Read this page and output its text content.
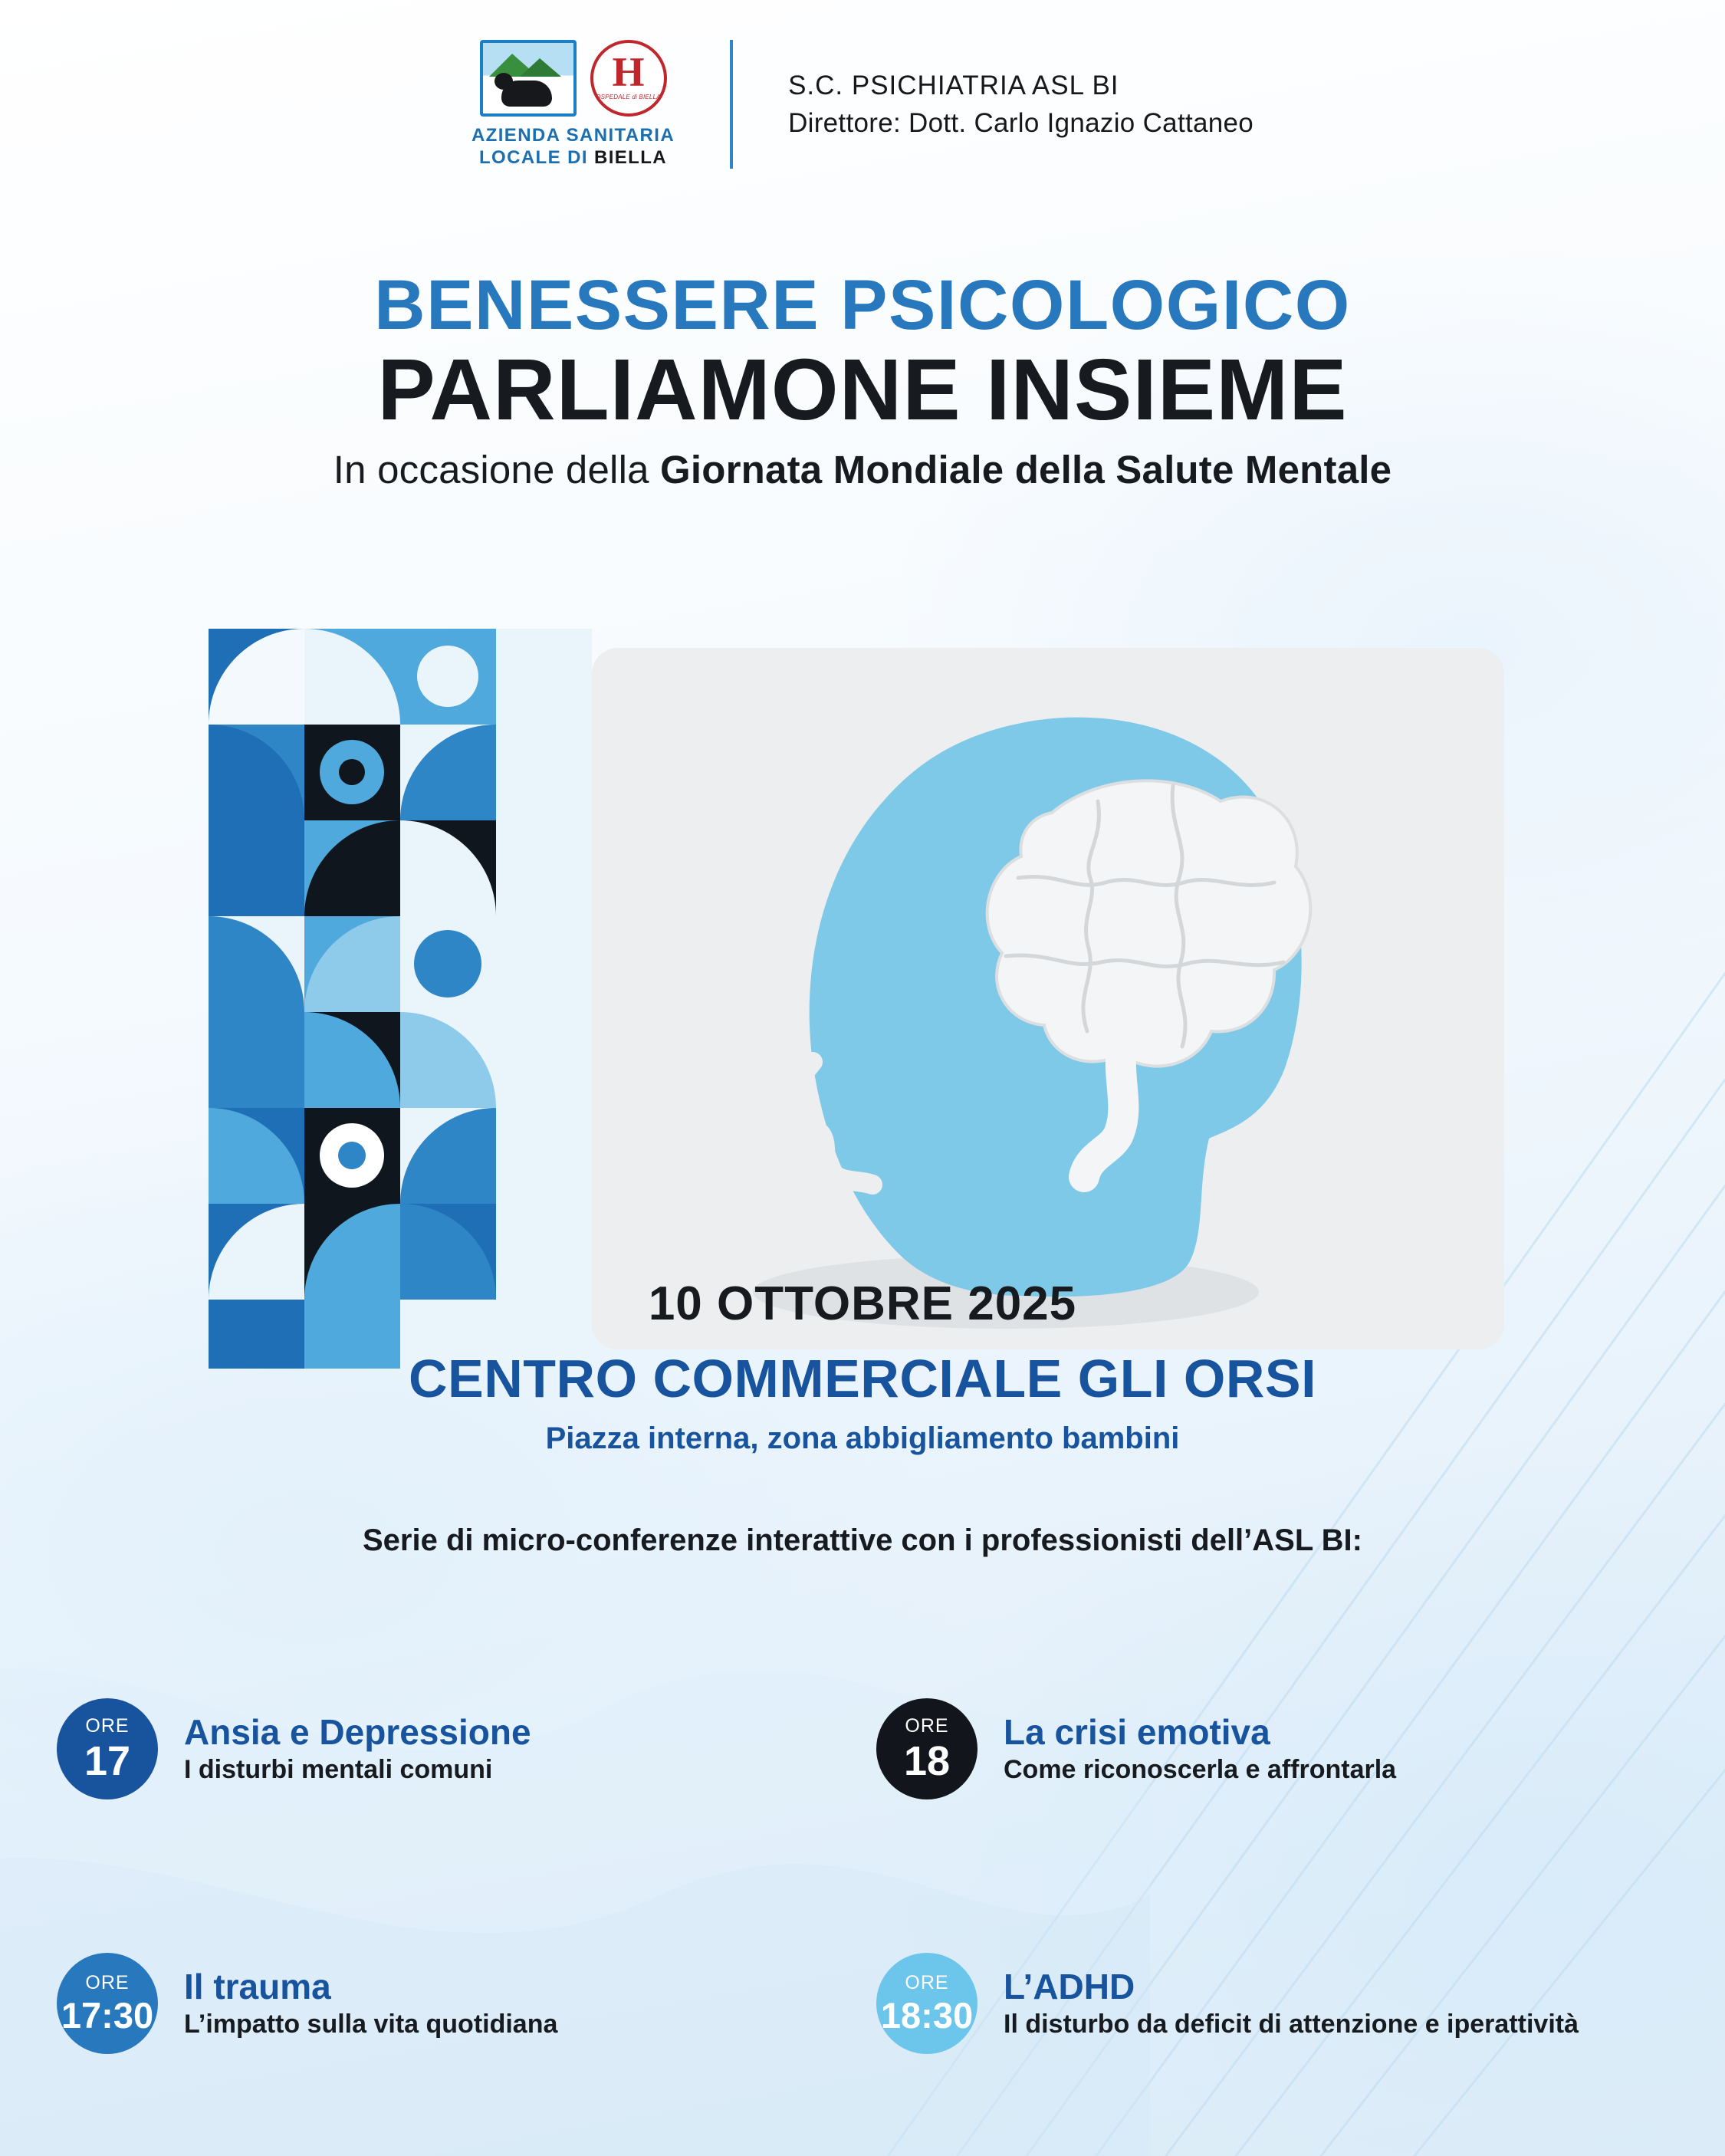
H
OSPEDALE di BIELLA
AZIENDA SANITARIA
LOCALE DI BIELLA
S.C. PSICHIATRIA ASL BI
Direttore: Dott. Carlo Ignazio Cattaneo
BENESSERE PSICOLOGICO
PARLIAMONE INSIEME
In occasione della Giornata Mondiale della Salute Mentale
10 OTTOBRE 2025
CENTRO COMMERCIALE GLI ORSI
Piazza interna, zona abbigliamento bambini
Serie di micro-conferenze interattive con i professionisti dell’ASL BI:
ORE
17
Ansia e Depressione
I disturbi mentali comuni
ORE
18
La crisi emotiva
Come riconoscerla e affrontarla
ORE
17:30
Il trauma
L’impatto sulla vita quotidiana
ORE
18:30
L’ADHD
Il disturbo da deficit di attenzione e iperattività
